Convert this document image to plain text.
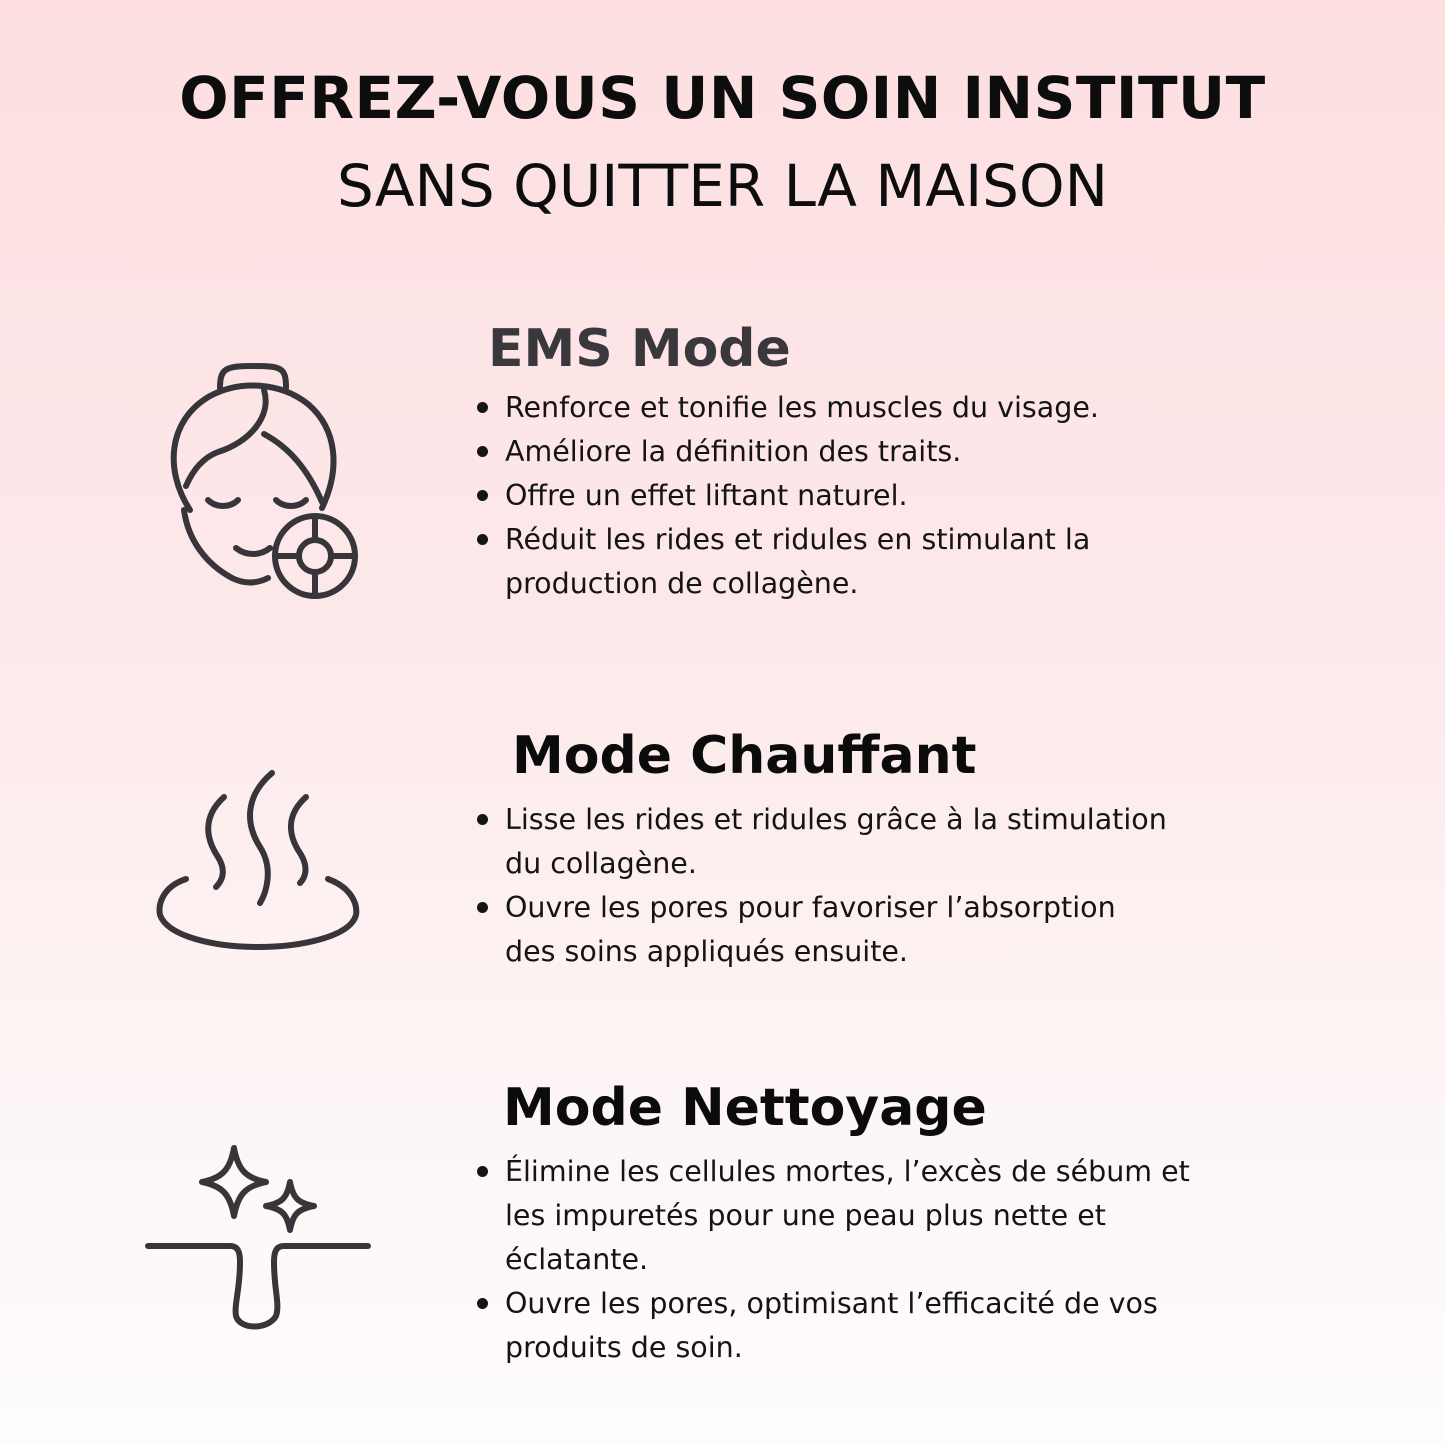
OFFREZ-VOUS UN SOIN INSTITUT
SANS QUITTER LA MAISON
EMS Mode
Renforce et tonifie les muscles du visage.
Améliore la définition des traits.
Offre un effet liftant naturel.
Réduit les rides et ridules en stimulant la production de collagène.
Mode Chauffant
Lisse les rides et ridules grâce à la stimulation du collagène.
Ouvre les pores pour favoriser l’absorption des soins appliqués ensuite.
Mode Nettoyage
Élimine les cellules mortes, l’excès de sébum et les impuretés pour une peau plus nette et éclatante.
Ouvre les pores, optimisant l’efficacité de vos produits de soin.
